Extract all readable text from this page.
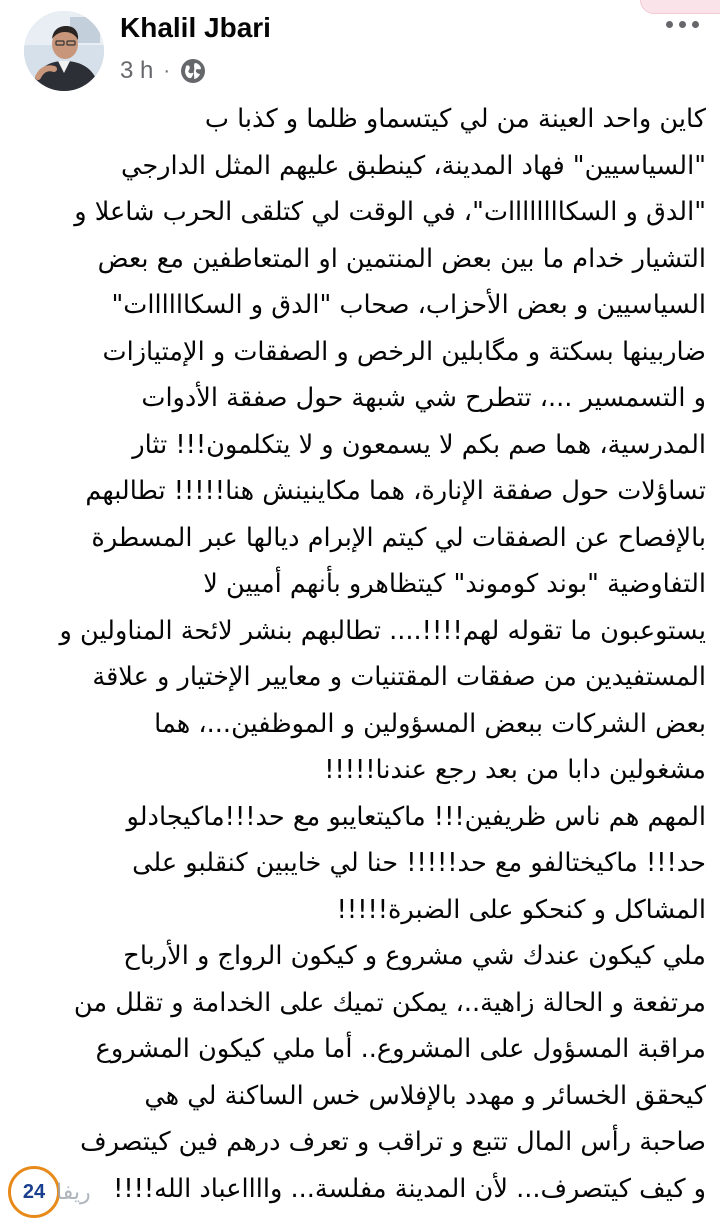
Khalil Jbari
3 h ·
كاين واحد العينة من لي كيتسماو ظلما و كذبا ب
"السياسيين" فهاد المدينة، كينطبق عليهم المثل الدارجي
"الدق و السكاااااااات"، في الوقت لي كتلقى الحرب شاعلا و
التشيار خدام ما بين بعض المنتمين او المتعاطفين مع بعض
السياسيين و بعض الأحزاب، صحاب "الدق و السكاااااات"
ضاربينها بسكتة و مگابلين الرخص و الصفقات و الإمتيازات
و التسمسير ...، تتطرح شي شبهة حول صفقة الأدوات
المدرسية، هما صم بكم لا يسمعون و لا يتكلمون!!! تثار
تساؤلات حول صفقة الإنارة، هما مكاينينش هنا!!!!! تطالبهم
بالإفصاح عن الصفقات لي كيتم الإبرام ديالها عبر المسطرة
التفاوضية "بوند كوموند" كيتظاهرو بأنهم أميين لا
يستوعبون ما تقوله لهم!!!!.... تطالبهم بنشر لائحة المناولين و
المستفيدين من صفقات المقتنيات و معايير الإختيار و علاقة
بعض الشركات ببعض المسؤولين و الموظفين...، هما
مشغولين دابا من بعد رجع عندنا!!!!!
المهم هم ناس ظريفين!!! ماكيتعايبو مع حد!!!ماكيجادلو
حد!!! ماكيختالفو مع حد!!!!! حنا لي خايبين كنقلبو على
المشاكل و كنحكو على الضبرة!!!!!
ملي كيكون عندك شي مشروع و كيكون الرواج و الأرباح
مرتفعة و الحالة زاهية..، يمكن تميك على الخدامة و تقلل من
مراقبة المسؤول على المشروع.. أما ملي كيكون المشروع
كيحقق الخسائر و مهدد بالإفلاس خس الساكنة لي هي
صاحبة رأس المال تتبع و تراقب و تعرف درهم فين كيتصرف
و كيف كيتصرف... لأن المدينة مفلسة... وااااعباد الله!!!!
24 ريفا
